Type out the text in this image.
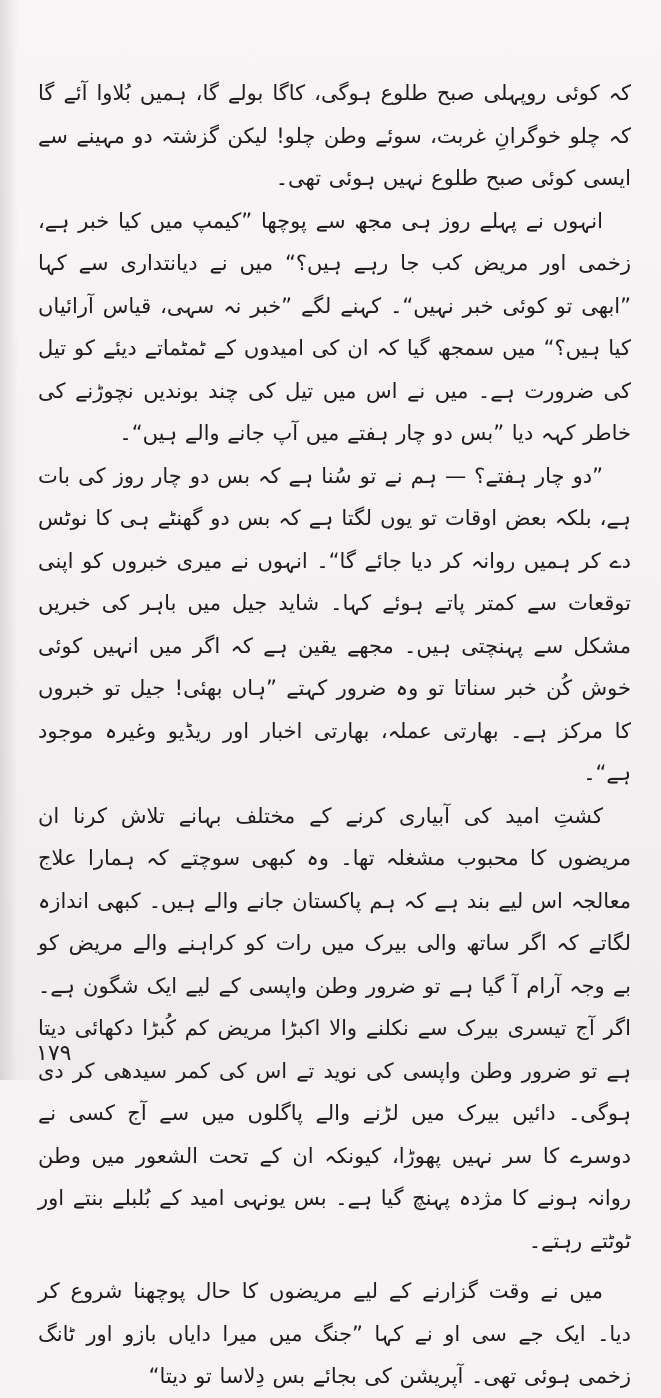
کہ کوئی روپہلی صبح طلوع ہوگی، کاگا بولے گا، ہمیں بُلاوا آئے گا کہ چلو خوگرانِ غربت، سوئے وطن چلو! لیکن گزشتہ دو مہینے سے ایسی کوئی صبح طلوع نہیں ہوئی تھی۔

انہوں نے پہلے روز ہی مجھ سے پوچھا ”کیمپ میں کیا خبر ہے، زخمی اور مریض کب جا رہے ہیں؟“ میں نے دیانتداری سے کہا ”ابھی تو کوئی خبر نہیں“۔ کہنے لگے ”خبر نہ سہی، قیاس آرائیاں کیا ہیں؟“ میں سمجھ گیا کہ ان کی امیدوں کے ٹمٹماتے دیئے کو تیل کی ضرورت ہے۔ میں نے اس میں تیل کی چند بوندیں نچوڑنے کی خاطر کہہ دیا ”بس دو چار ہفتے میں آپ جانے والے ہیں“۔

”دو چار ہفتے؟ — ہم نے تو سُنا ہے کہ بس دو چار روز کی بات ہے، بلکہ بعض اوقات تو یوں لگتا ہے کہ بس دو گھنٹے ہی کا نوٹس دے کر ہمیں روانہ کر دیا جائے گا“۔ انہوں نے میری خبروں کو اپنی توقعات سے کمتر پاتے ہوئے کہا۔ شاید جیل میں باہر کی خبریں مشکل سے پہنچتی ہیں۔ مجھے یقین ہے کہ اگر میں انہیں کوئی خوش کُن خبر سناتا تو وہ ضرور کہتے ”ہاں بھئی! جیل تو خبروں کا مرکز ہے۔ بھارتی عملہ، بھارتی اخبار اور ریڈیو وغیرہ موجود ہے“۔

کشتِ امید کی آبیاری کرنے کے مختلف بہانے تلاش کرنا ان مریضوں کا محبوب مشغلہ تھا۔ وہ کبھی سوچتے کہ ہمارا علاج معالجہ اس لیے بند ہے کہ ہم پاکستان جانے والے ہیں۔ کبھی اندازہ لگاتے کہ اگر ساتھ والی بیرک میں رات کو کراہنے والے مریض کو بے وجہ آرام آ گیا ہے تو ضرور وطن واپسی کے لیے ایک شگون ہے۔ اگر آج تیسری بیرک سے نکلنے والا اکبڑا مریض کم کُبڑا دکھائی دیتا ہے تو ضرور وطن واپسی کی نوید تے اس کی کمر سیدھی کر دی ہوگی۔ دائیں بیرک میں لڑنے والے پاگلوں میں سے آج کسی نے دوسرے کا سر نہیں پھوڑا، کیونکہ ان کے تحت الشعور میں وطن روانہ ہونے کا مژدہ پہنچ گیا ہے۔ بس یونہی امید کے بُلبلے بنتے اور ٹوٹتے رہتے۔

میں نے وقت گزارنے کے لیے مریضوں کا حال پوچھنا شروع کر دیا۔ ایک جے سی او نے کہا ”جنگ میں میرا دایاں بازو اور ٹانگ زخمی ہوئی تھی۔ آپریشن کی بجائے بس دِلاسا تو دیتا“

۱۷۹
